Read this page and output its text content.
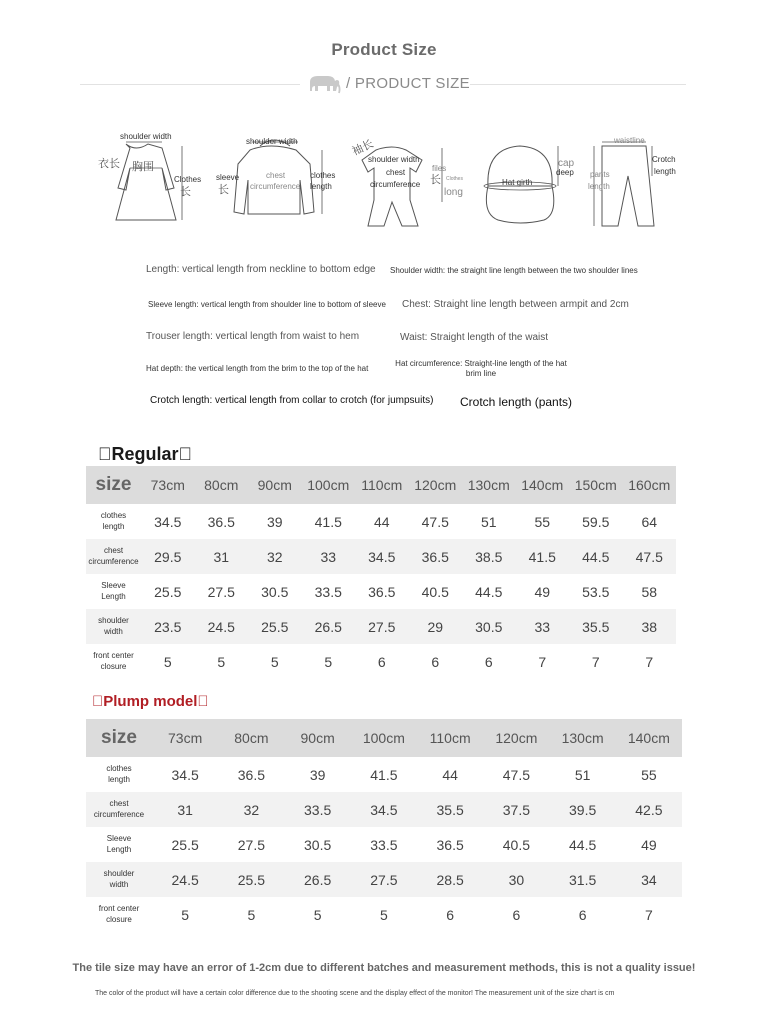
Product Size
/ PRODUCT SIZE
shoulder width
衣长 胸围
Clothes
长
shoulder width
sleeve
长
chest
circumference
clothes
length
袖长
shoulder width
chest
circumference
files
长 Clothes
long
Hat girth
cap
deep
waistline
Crotch
length
pants
length
Length: vertical length from neckline to bottom edge Shoulder width: the straight line length between the two shoulder lines
Sleeve length: vertical length from shoulder line to bottom of sleeve Chest: Straight line length between armpit and 2cm
Trouser length: vertical length from waist to hem	Waist: Straight length of the waist
Hat depth: the vertical length from the brim to the top of the hat
Hat circumference: Straight-line length of the hat brim line
Crotch length: vertical length from collar to crotch (for jumpsuits) Crotch length (pants)
 Regular 
size	73cm	80cm	90cm	100cm	110cm	120cm	130cm	140cm	150cm	160cm
clothes
length	34.5	36.5	39	41.5	44	47.5	51	55	59.5	64
chest
circumference	29.5	31	32	33	34.5	36.5	38.5	41.5	44.5	47.5
Sleeve
Length	25.5	27.5	30.5	33.5	36.5	40.5	44.5	49	53.5	58
shoulder
width	23.5	24.5	25.5	26.5	27.5	29	30.5	33	35.5	38
front center
closure	5	5	5	5	6	6	6	7	7	7
 Plump model 
size	73cm	80cm	90cm	100cm	110cm	120cm	130cm	140cm
clothes
length	34.5	36.5	39	41.5	44	47.5	51	55
chest
circumference	31	32	33.5	34.5	35.5	37.5	39.5	42.5
Sleeve
Length	25.5	27.5	30.5	33.5	36.5	40.5	44.5	49
shoulder
width	24.5	25.5	26.5	27.5	28.5	30	31.5	34
front center
closure	5	5	5	5	6	6	6	7
The tile size may have an error of 1-2cm due to different batches and measurement methods, this is not a quality issue!
The color of the product will have a certain color difference due to the shooting scene and the display effect of the monitor! The measurement unit of the size chart is cm
